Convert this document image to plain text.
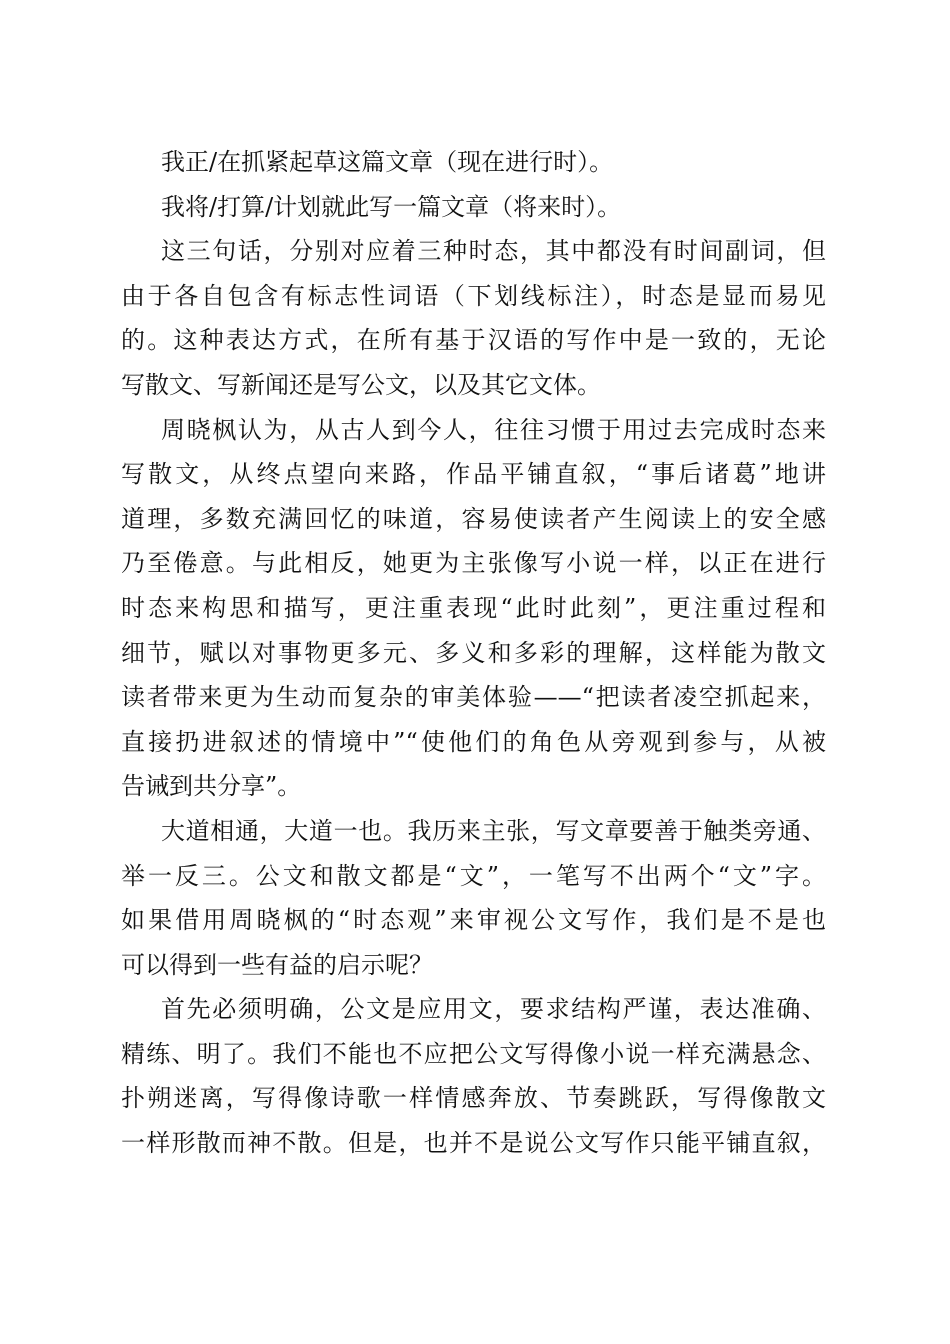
我正/在抓紧起草这篇文章（现在进行时）。
我将/打算/计划就此写一篇文章（将来时）。
这三句话，分别对应着三种时态，其中都没有时间副词，但
由于各自包含有标志性词语（下划线标注），时态是显而易见
的。这种表达方式，在所有基于汉语的写作中是一致的，无论
写散文、写新闻还是写公文，以及其它文体。
周晓枫认为，从古人到今人，往往习惯于用过去完成时态来
写散文，从终点望向来路，作品平铺直叙，“事后诸葛”地讲
道理，多数充满回忆的味道，容易使读者产生阅读上的安全感
乃至倦意。与此相反，她更为主张像写小说一样，以正在进行
时态来构思和描写，更注重表现“此时此刻”，更注重过程和
细节，赋以对事物更多元、多义和多彩的理解，这样能为散文
读者带来更为生动而复杂的审美体验——“把读者凌空抓起来，
直接扔进叙述的情境中”“使他们的角色从旁观到参与，从被
告诫到共分享”。
大道相通，大道一也。我历来主张，写文章要善于触类旁通、
举一反三。公文和散文都是“文”，一笔写不出两个“文”字。
如果借用周晓枫的“时态观”来审视公文写作，我们是不是也
可以得到一些有益的启示呢？
首先必须明确，公文是应用文，要求结构严谨，表达准确、
精练、明了。我们不能也不应把公文写得像小说一样充满悬念、
扑朔迷离，写得像诗歌一样情感奔放、节奏跳跃，写得像散文
一样形散而神不散。但是，也并不是说公文写作只能平铺直叙，
